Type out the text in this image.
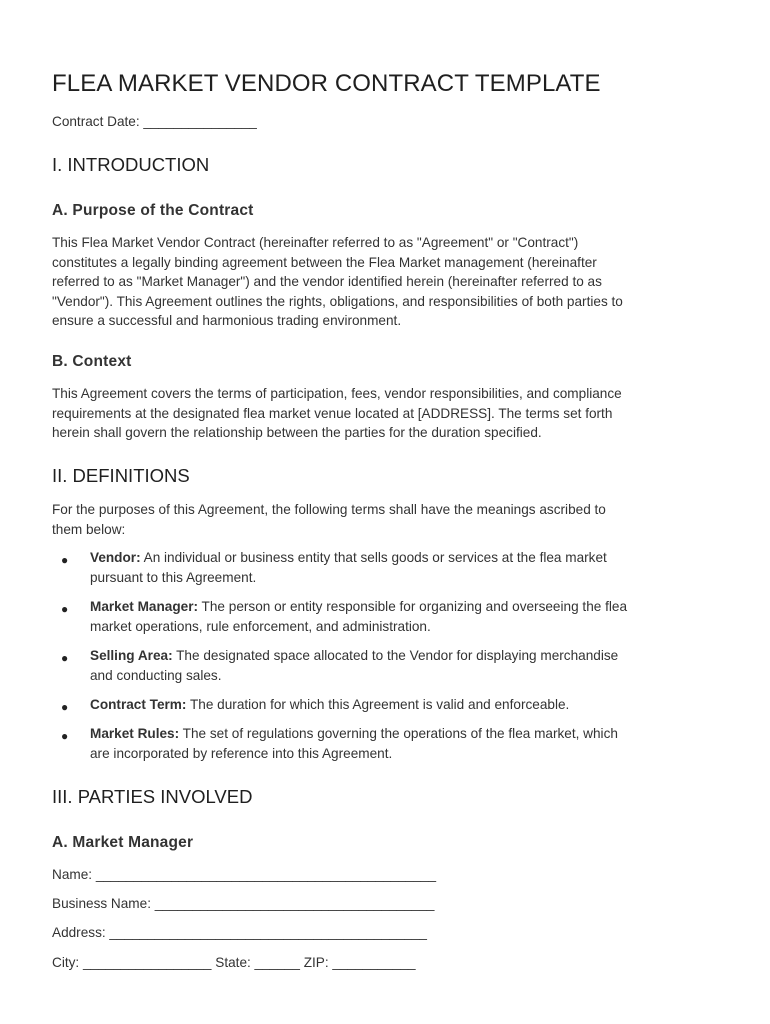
FLEA MARKET VENDOR CONTRACT TEMPLATE

Contract Date: _______________

I. INTRODUCTION
A. Purpose of the Contract
This Flea Market Vendor Contract (hereinafter referred to as "Agreement" or "Contract")
constitutes a legally binding agreement between the Flea Market management (hereinafter
referred to as "Market Manager") and the vendor identified herein (hereinafter referred to as
"Vendor"). This Agreement outlines the rights, obligations, and responsibilities of both parties to
ensure a successful and harmonious trading environment.
B. Context
This Agreement covers the terms of participation, fees, vendor responsibilities, and compliance
requirements at the designated flea market venue located at [ADDRESS]. The terms set forth
herein shall govern the relationship between the parties for the duration specified.
II. DEFINITIONS
For the purposes of this Agreement, the following terms shall have the meanings ascribed to
them below:
● Vendor: An individual or business entity that sells goods or services at the flea market
pursuant to this Agreement.
● Market Manager: The person or entity responsible for organizing and overseeing the flea
market operations, rule enforcement, and administration.
● Selling Area: The designated space allocated to the Vendor for displaying merchandise
and conducting sales.
● Contract Term: The duration for which this Agreement is valid and enforceable.
● Market Rules: The set of regulations governing the operations of the flea market, which
are incorporated by reference into this Agreement.
III. PARTIES INVOLVED
A. Market Manager

Name: _____________________________________________

Business Name: _____________________________________

Address: __________________________________________

City: _________________ State: ______ ZIP: ___________
